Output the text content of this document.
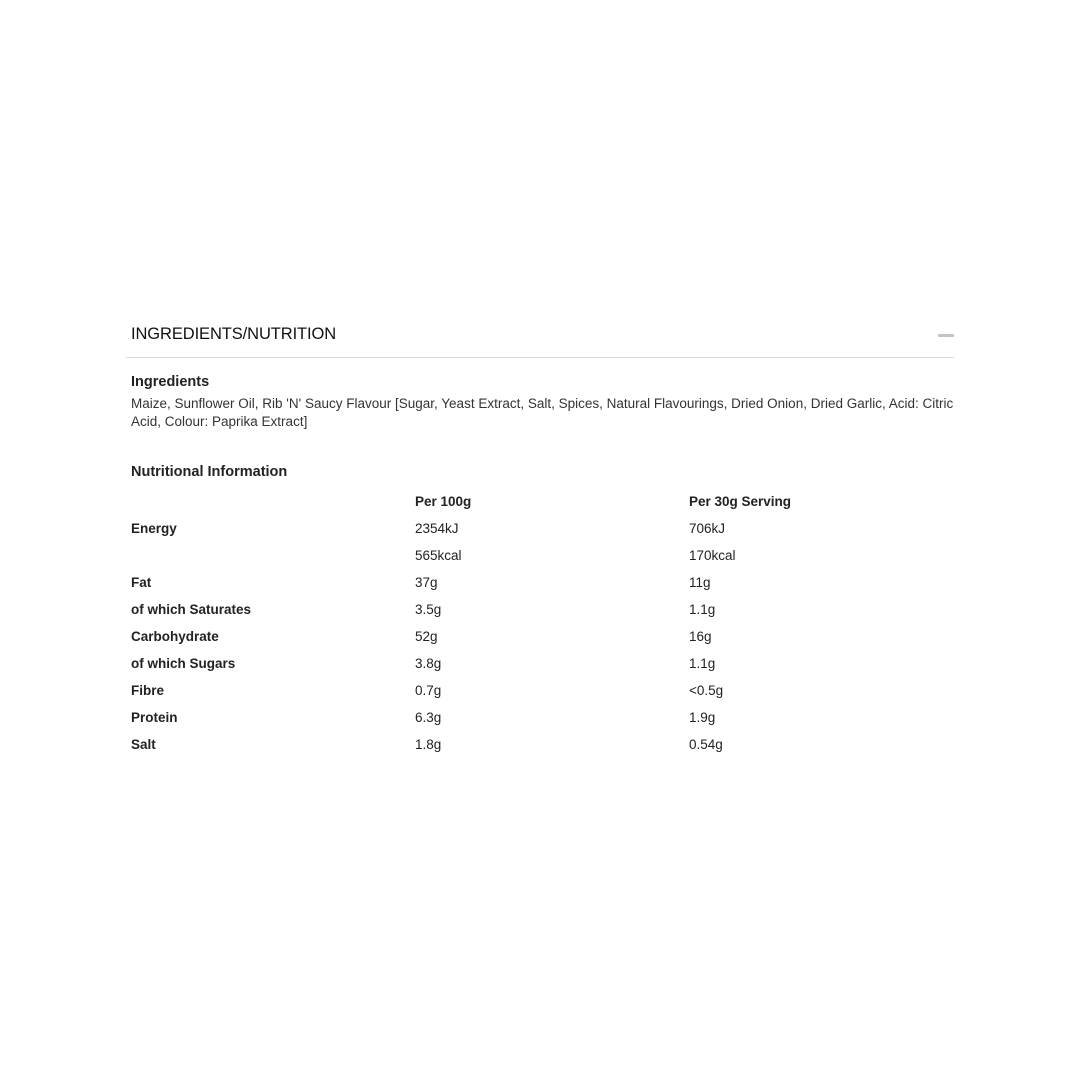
INGREDIENTS/NUTRITION
Ingredients

Maize, Sunflower Oil, Rib 'N' Saucy Flavour [Sugar, Yeast Extract, Salt, Spices, Natural Flavourings, Dried Onion, Dried Garlic, Acid: Citric Acid, Colour: Paprika Extract]

Nutritional Information
	Per 100g	Per 30g Serving
Energy	2354kJ	706kJ
	565kcal	170kcal
Fat	37g	11g
of which Saturates	3.5g	1.1g
Carbohydrate	52g	16g
of which Sugars	3.8g	1.1g
Fibre	0.7g	<0.5g
Protein	6.3g	1.9g
Salt	1.8g	0.54g
